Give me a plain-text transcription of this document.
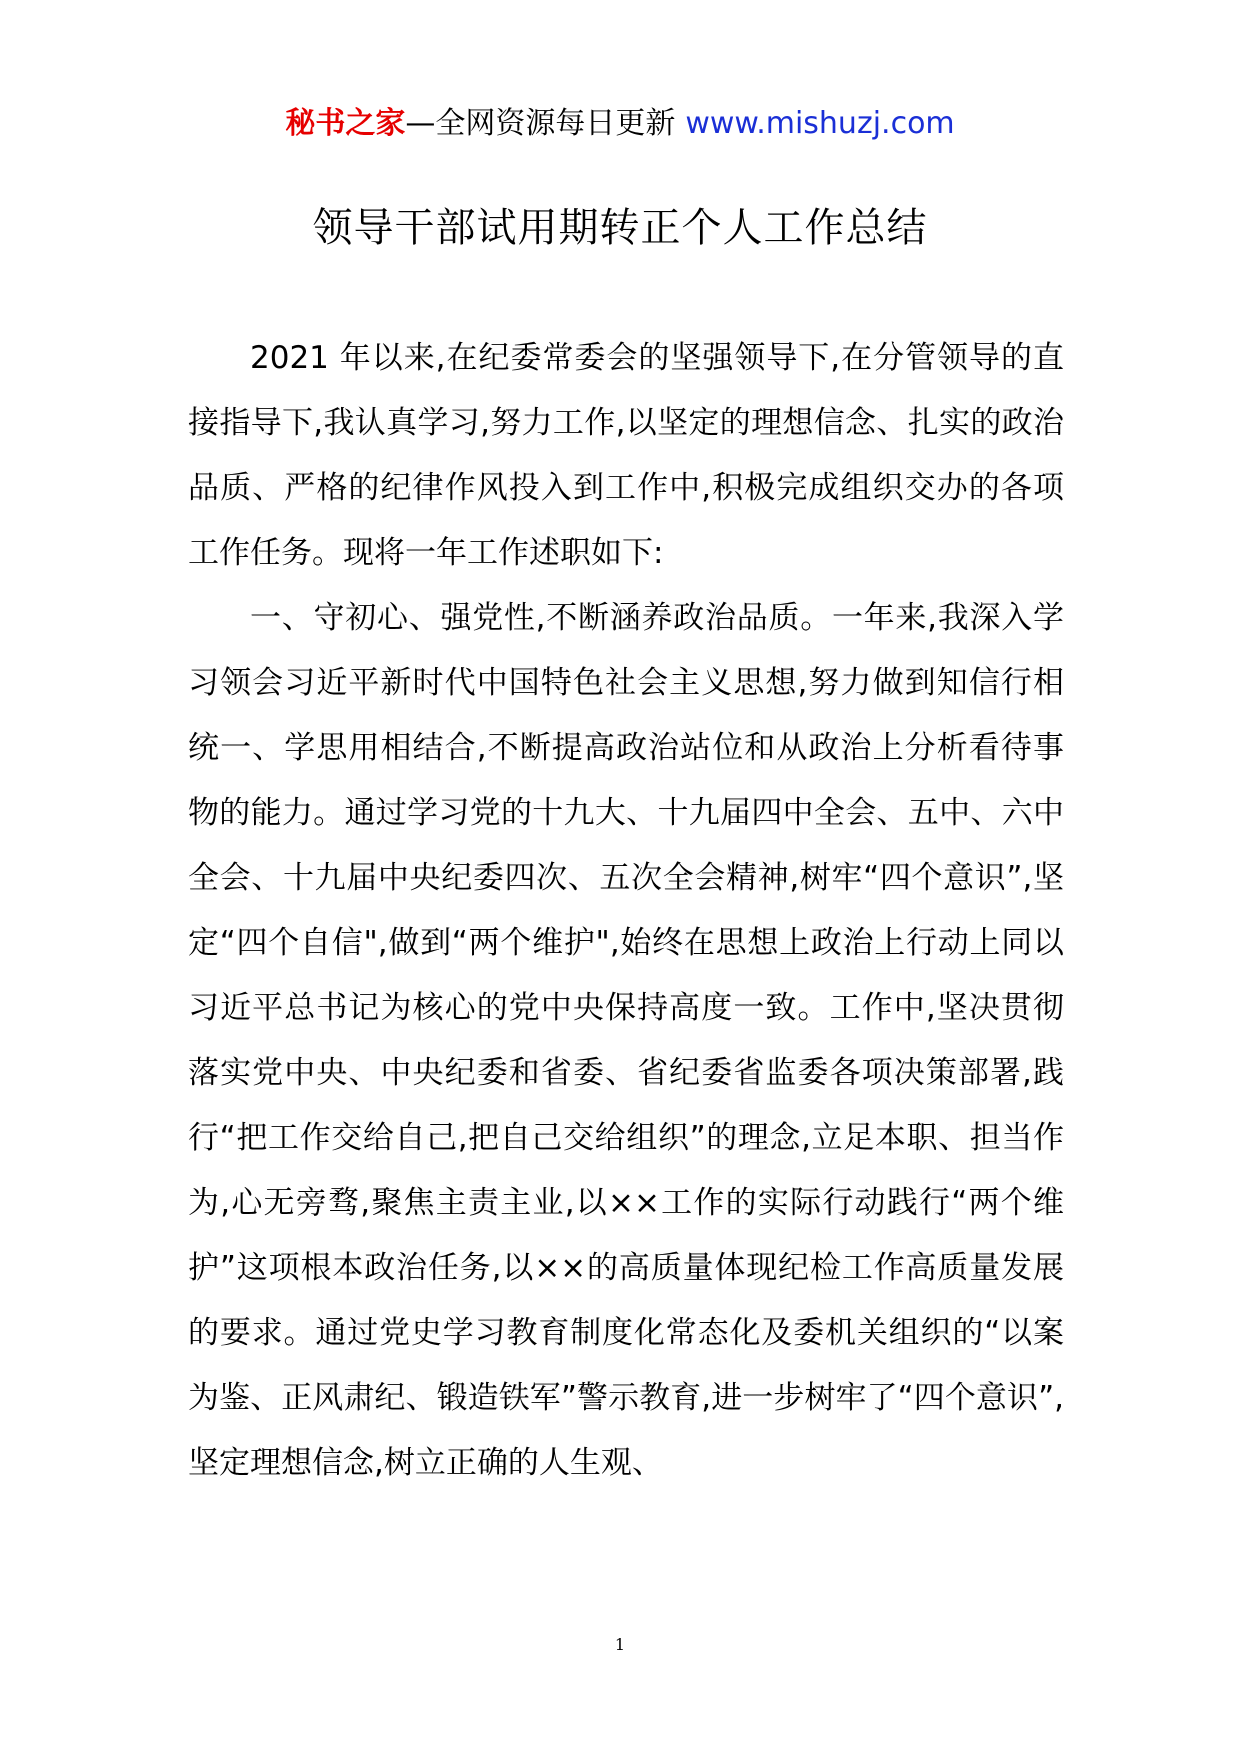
秘书之家—全网资源每日更新 www.mishuzj.com
领导干部试用期转正个人工作总结

2021 年以来,在纪委常委会的坚强领导下,在分管领导的直接指导下,我认真学习,努力工作,以坚定的理想信念、扎实的政治品质、严格的纪律作风投入到工作中,积极完成组织交办的各项工作任务。现将一年工作述职如下:

一、守初心、强党性,不断涵养政治品质。一年来,我深入学习领会习近平新时代中国特色社会主义思想,努力做到知信行相统一、学思用相结合,不断提高政治站位和从政治上分析看待事物的能力。通过学习党的十九大、十九届四中全会、五中、六中全会、十九届中央纪委四次、五次全会精神,树牢“四个意识”,坚定“四个自信",做到“两个维护",始终在思想上政治上行动上同以习近平总书记为核心的党中央保持高度一致。工作中,坚决贯彻落实党中央、中央纪委和省委、省纪委省监委各项决策部署,践行“把工作交给自己,把自己交给组织”的理念,立足本职、担当作为,心无旁骛,聚焦主责主业,以××工作的实际行动践行“两个维护”这项根本政治任务,以××的高质量体现纪检工作高质量发展的要求。通过党史学习教育制度化常态化及委机关组织的“以案为鉴、正风肃纪、锻造铁军”警示教育,进一步树牢了“四个意识”,坚定理想信念,树立正确的人生观、

1
